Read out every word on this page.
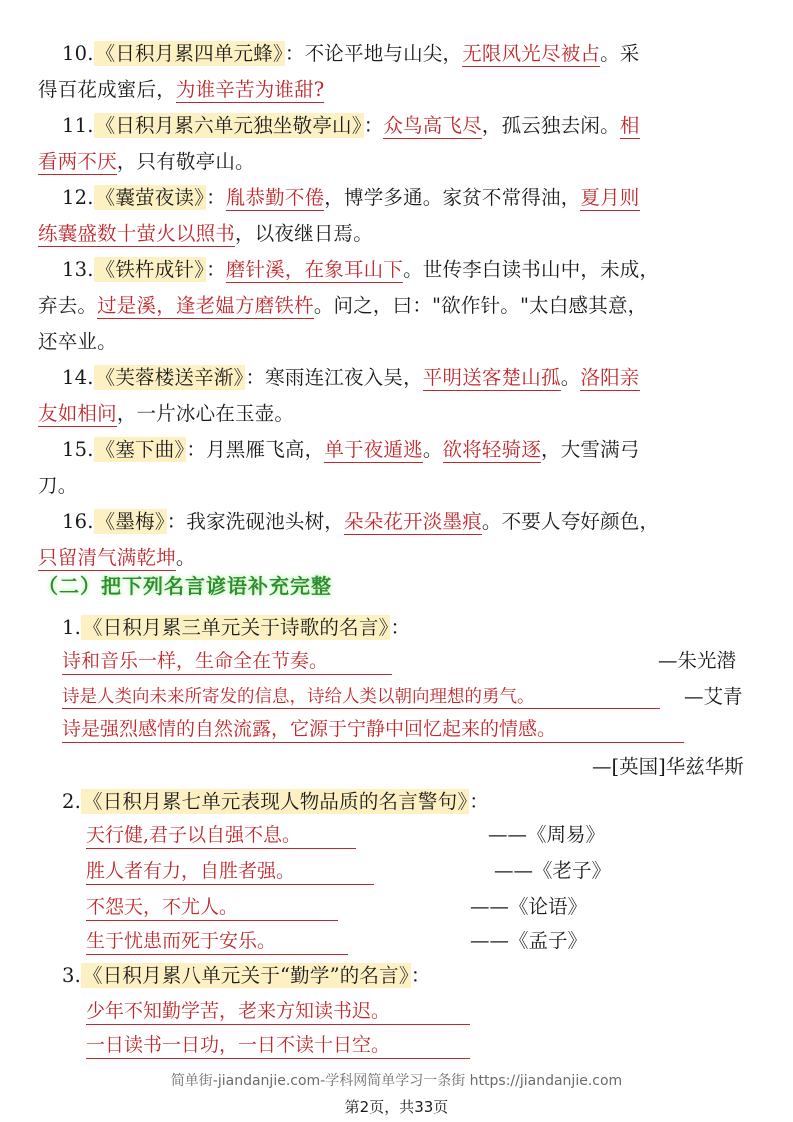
10. 《日积月累四单元蜂》 ：不论平地与山尖，无限风光尽被占。采
得百花成蜜后，为谁辛苦为谁甜?
11. 《日积月累六单元独坐敬亭山》 ：众鸟高飞尽，孤云独去闲。相
看两不厌，只有敬亭山。
12. 《囊萤夜读》 ：胤恭勤不倦，博学多通。家贫不常得油，夏月则
练囊盛数十萤火以照书，以夜继日焉。
13. 《铁杵成针》 ：磨针溪，在象耳山下。世传李白读书山中，未成，
弃去。过是溪，逢老媪方磨铁杵。问之，曰："欲作针。"太白感其意，
还卒业。
14. 《芙蓉楼送辛渐》 ：寒雨连江夜入吴，平明送客楚山孤。洛阳亲
友如相问，一片冰心在玉壶。
15. 《塞下曲》 ：月黑雁飞高，单于夜遁逃。欲将轻骑逐，大雪满弓
刀。
16. 《墨梅》 ：我家洗砚池头树，朵朵花开淡墨痕。不要人夸好颜色，
只留清气满乾坤。
（二）把下列名言谚语补充完整
1. 《日积月累三单元关于诗歌的名言》 ：
诗和音乐一样，生命全在节奏。	—朱光潜
诗是人类向未来所寄发的信息，诗给人类以朝向理想的勇气。	—艾青
诗是强烈感情的自然流露，它源于宁静中回忆起来的情感。
—[英国]华兹华斯
2. 《日积月累七单元表现人物品质的名言警句》 ：
天行健,君子以自强不息。	——《周易》
胜人者有力，自胜者强。	——《老子》
不怨天，不尤人。	——《论语》
生于忧患而死于安乐。	——《孟子》
3. 《日积月累八单元关于“勤学”的名言》 ：
少年不知勤学苦，老来方知读书迟。
一日读书一日功，一日不读十日空。
简单街-jiandanjie.com-学科网简单学习一条街 https://jiandanjie.com
第2页，共33页
